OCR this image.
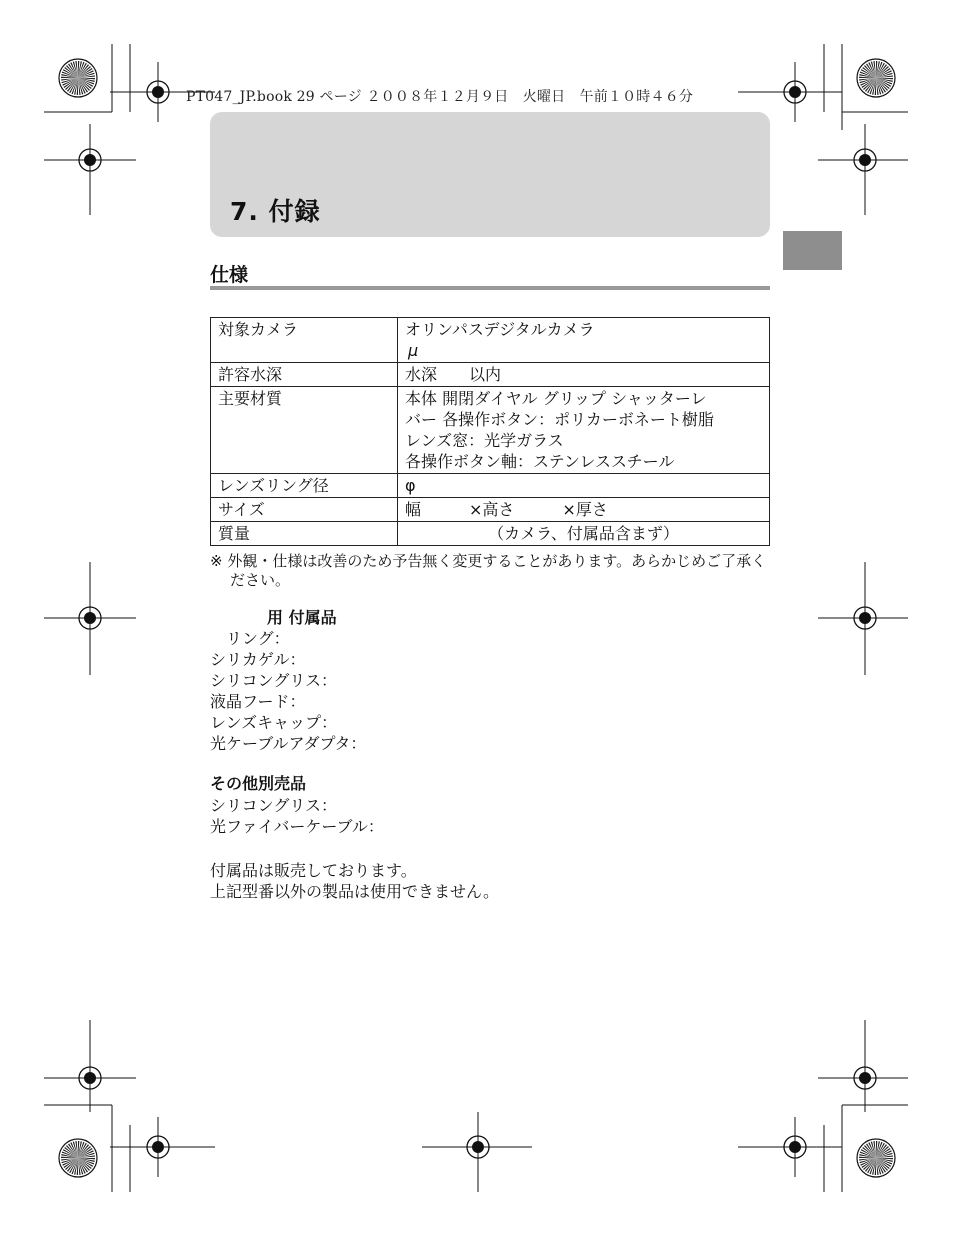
PT047_JP.book 29 ページ ２００８年１２月９日　火曜日　午前１０時４６分
7. 付録
仕様
対象カメラ	オリンパスデジタルカメラ
μ

許容水深	水深　　以内

主要材質	本体 開閉ダイヤル グリップ シャッターレ
バー 各操作ボタン：ポリカーボネート樹脂
レンズ窓：光学ガラス
各操作ボタン軸：ステンレススチール

レンズリング径	φ

サイズ	幅　　　×高さ　　　×厚さ

質量	（カメラ、付属品含まず）
※ 外観・仕様は改善のため予告無く変更することがあります。あらかじめご了承ください。
用 付属品
リング：
シリカゲル：
シリコングリス：
液晶フード：
レンズキャップ：
光ケーブルアダプタ：
その他別売品
シリコングリス：
光ファイバーケーブル：
付属品は販売しております。
上記型番以外の製品は使用できません。
